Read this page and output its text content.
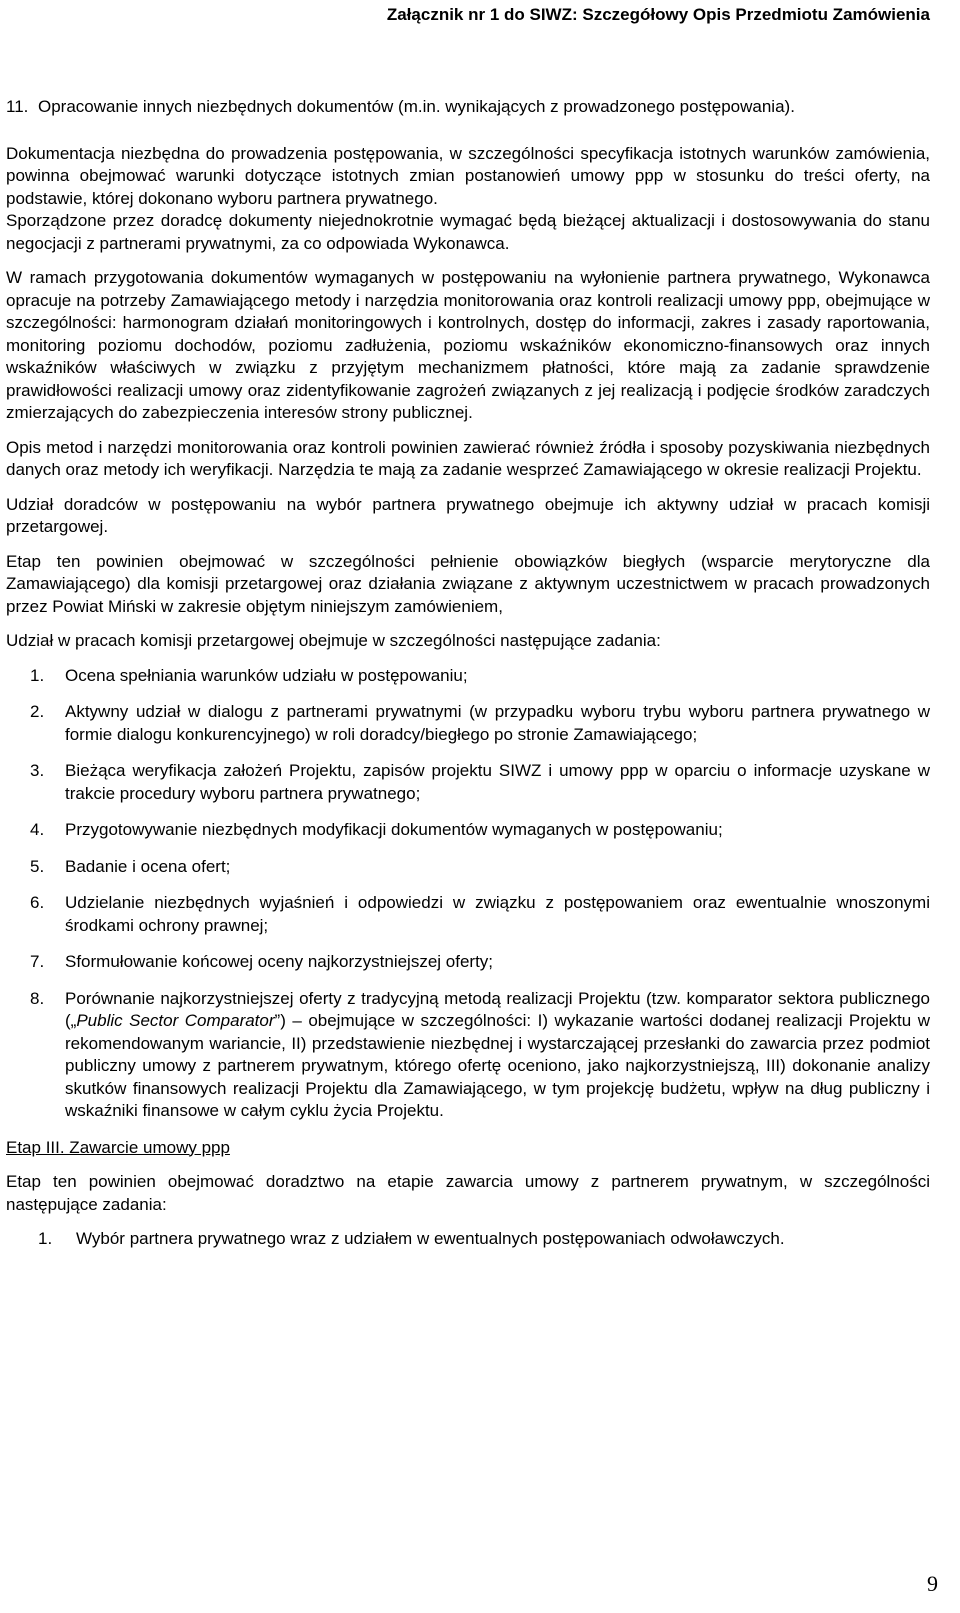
Załącznik nr 1 do SIWZ: Szczegółowy Opis Przedmiotu Zamówienia
11. Opracowanie innych niezbędnych dokumentów (m.in. wynikających z prowadzonego postępowania).

Dokumentacja niezbędna do prowadzenia postępowania, w szczególności specyfikacja istotnych warunków zamówienia, powinna obejmować warunki dotyczące istotnych zmian postanowień umowy ppp w stosunku do treści oferty, na podstawie, której dokonano wyboru partnera prywatnego.

Sporządzone przez doradcę dokumenty niejednokrotnie wymagać będą bieżącej aktualizacji i dostosowywania do stanu negocjacji z partnerami prywatnymi, za co odpowiada Wykonawca.

W ramach przygotowania dokumentów wymaganych w postępowaniu na wyłonienie partnera prywatnego, Wykonawca opracuje na potrzeby Zamawiającego metody i narzędzia monitorowania oraz kontroli realizacji umowy ppp, obejmujące w szczególności: harmonogram działań monitoringowych i kontrolnych, dostęp do informacji, zakres i zasady raportowania, monitoring poziomu dochodów, poziomu zadłużenia, poziomu wskaźników ekonomiczno-finansowych oraz innych wskaźników właściwych w związku z przyjętym mechanizmem płatności, które mają za zadanie sprawdzenie prawidłowości realizacji umowy oraz zidentyfikowanie zagrożeń związanych z jej realizacją i podjęcie środków zaradczych zmierzających do zabezpieczenia interesów strony publicznej.

Opis metod i narzędzi monitorowania oraz kontroli powinien zawierać również źródła i sposoby pozyskiwania niezbędnych danych oraz metody ich weryfikacji. Narzędzia te mają za zadanie wesprzeć Zamawiającego w okresie realizacji Projektu.

Udział doradców w postępowaniu na wybór partnera prywatnego obejmuje ich aktywny udział w pracach komisji przetargowej.

Etap ten powinien obejmować w szczególności pełnienie obowiązków biegłych (wsparcie merytoryczne dla Zamawiającego) dla komisji przetargowej oraz działania związane z aktywnym uczestnictwem w pracach prowadzonych przez Powiat Miński w zakresie objętym niniejszym zamówieniem,

Udział w pracach komisji przetargowej obejmuje w szczególności następujące zadania:

1.	Ocena spełniania warunków udziału w postępowaniu;
2.	Aktywny udział w dialogu z partnerami prywatnymi (w przypadku wyboru trybu wyboru partnera prywatnego w formie dialogu konkurencyjnego) w roli doradcy/biegłego po stronie Zamawiającego;
3.	Bieżąca weryfikacja założeń Projektu, zapisów projektu SIWZ i umowy ppp w oparciu o informacje uzyskane w trakcie procedury wyboru partnera prywatnego;
4.	Przygotowywanie niezbędnych modyfikacji dokumentów wymaganych w postępowaniu;
5.	Badanie i ocena ofert;
6.	Udzielanie niezbędnych wyjaśnień i odpowiedzi w związku z postępowaniem oraz ewentualnie wnoszonymi środkami ochrony prawnej;
7.	Sformułowanie końcowej oceny najkorzystniejszej oferty;
8.	Porównanie najkorzystniejszej oferty z tradycyjną metodą realizacji Projektu (tzw. komparator sektora publicznego („Public Sector Comparator”) – obejmujące w szczególności: I) wykazanie wartości dodanej realizacji Projektu w rekomendowanym wariancie, II) przedstawienie niezbędnej i wystarczającej przesłanki do zawarcia przez podmiot publiczny umowy z partnerem prywatnym, którego ofertę oceniono, jako najkorzystniejszą, III) dokonanie analizy skutków finansowych realizacji Projektu dla Zamawiającego, w tym projekcję budżetu, wpływ na dług publiczny i wskaźniki finansowe w całym cyklu życia Projektu.

Etap III. Zawarcie umowy ppp

Etap ten powinien obejmować doradztwo na etapie zawarcia umowy z partnerem prywatnym, w szczególności następujące zadania:

1.	Wybór partnera prywatnego wraz z udziałem w ewentualnych postępowaniach odwoławczych.
9
